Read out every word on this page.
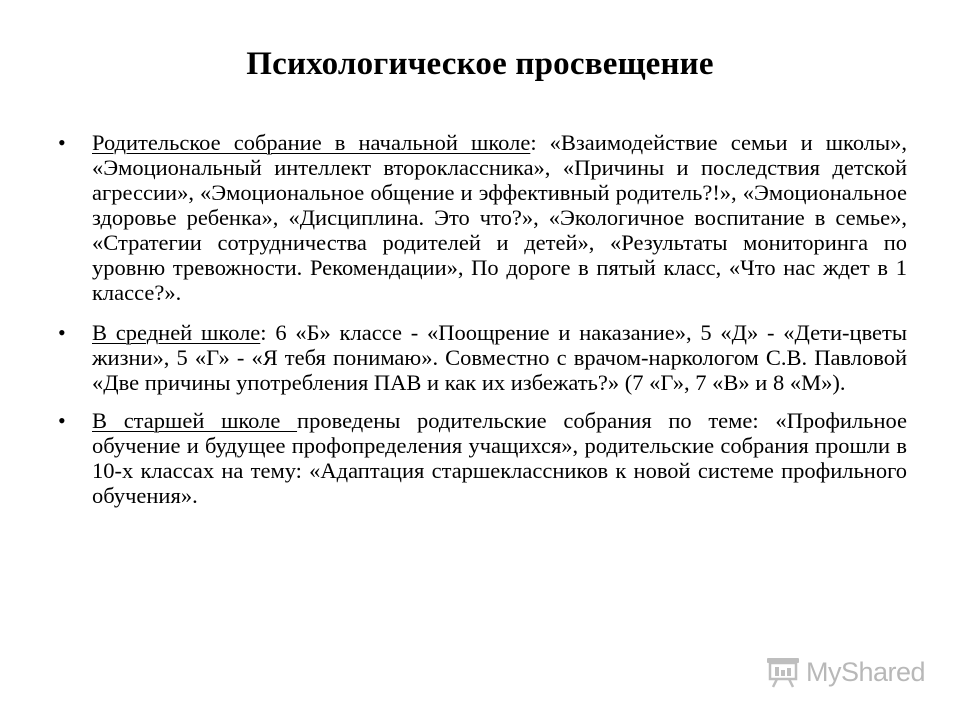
Психологическое просвещение
• Родительское собрание в начальной школе: «Взаимодействие семьи и школы», «Эмоциональный интеллект второклассника», «Причины и последствия детской агрессии», «Эмоциональное общение и эффективный родитель?!», «Эмоциональное здоровье ребенка», «Дисциплина. Это что?», «Экологичное воспитание в семье», «Стратегии сотрудничества родителей и детей», «Результаты мониторинга по уровню тревожности. Рекомендации», По дороге в пятый класс, «Что нас ждет в 1 классе?».
• В средней школе: 6 «Б» классе - «Поощрение и наказание», 5 «Д» - «Дети-цветы жизни», 5 «Г» - «Я тебя понимаю». Совместно с врачом-наркологом С.В. Павловой «Две причины употребления ПАВ и как их избежать?» (7 «Г», 7 «В» и 8 «М»).
• В старшей школе проведены родительские собрания по теме: «Профильное обучение и будущее профопределения учащихся», родительские собрания прошли в 10-х классах на тему: «Адаптация старшеклассников к новой системе профильного обучения».
MyShared
